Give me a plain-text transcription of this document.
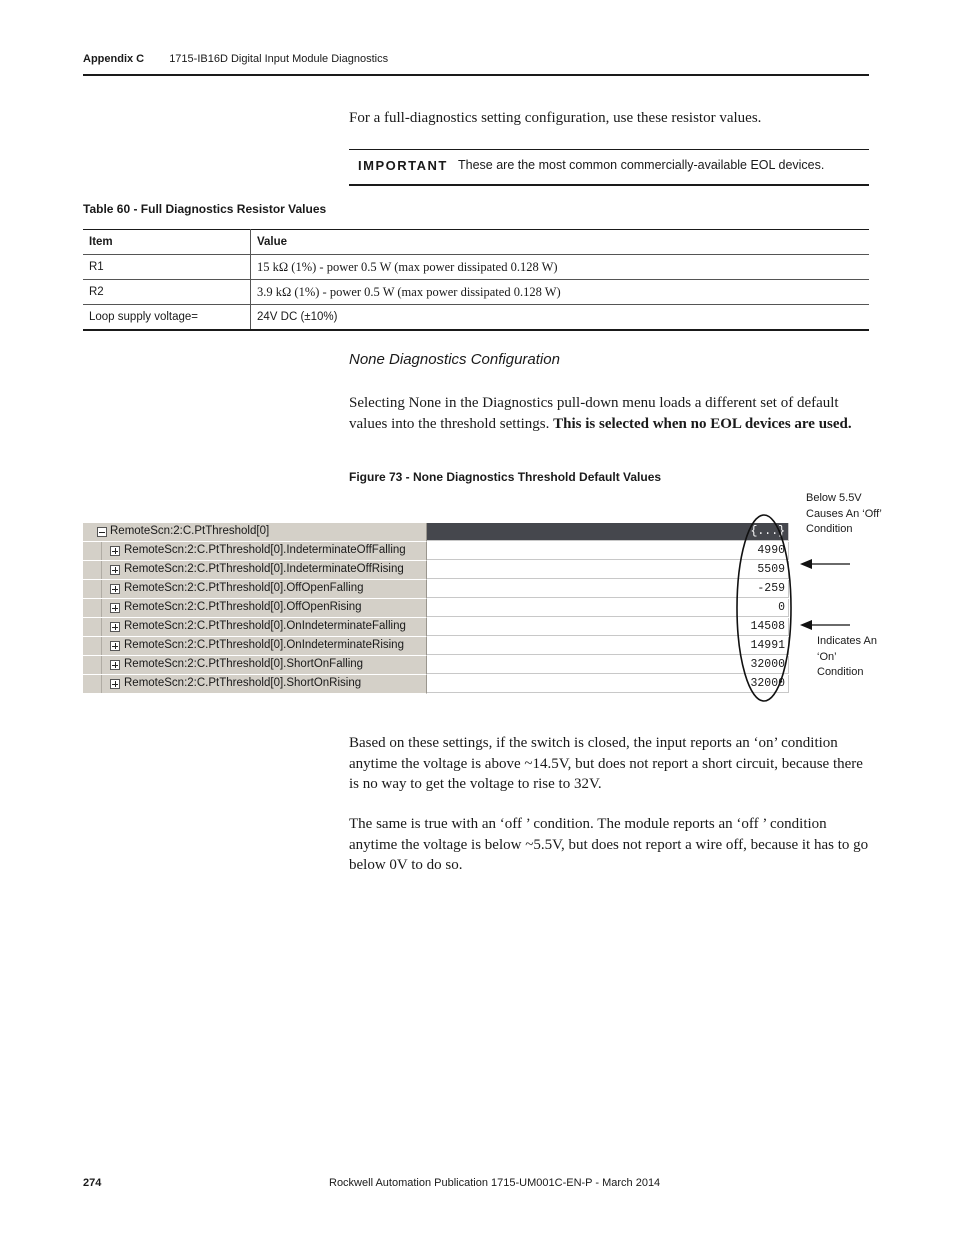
Appendix C 1715-IB16D Digital Input Module Diagnostics
For a full-diagnostics setting configuration, use these resistor values.
IMPORTANT These are the most common commercially-available EOL devices.
Table 60 - Full Diagnostics Resistor Values
Item	Value
R1	15 kΩ (1%) - power 0.5 W (max power dissipated 0.128 W)
R2	3.9 kΩ (1%) - power 0.5 W (max power dissipated 0.128 W)
Loop supply voltage=	24V DC (±10%)
None Diagnostics Configuration
Selecting None in the Diagnostics pull-down menu loads a different set of default values into the threshold settings. This is selected when no EOL devices are used.
Figure 73 - None Diagnostics Threshold Default Values
RemoteScn:2:C.PtThreshold[0]	{...}
RemoteScn:2:C.PtThreshold[0].IndeterminateOffFalling	4990
RemoteScn:2:C.PtThreshold[0].IndeterminateOffRising	5509
RemoteScn:2:C.PtThreshold[0].OffOpenFalling	-259
RemoteScn:2:C.PtThreshold[0].OffOpenRising	0
RemoteScn:2:C.PtThreshold[0].OnIndeterminateFalling	14508
RemoteScn:2:C.PtThreshold[0].OnIndeterminateRising	14991
RemoteScn:2:C.PtThreshold[0].ShortOnFalling	32000
RemoteScn:2:C.PtThreshold[0].ShortOnRising	32000
Below 5.5V
Causes An ‘Off’
Condition
Indicates An
‘On’
Condition
Based on these settings, if the switch is closed, the input reports an ‘on’ condition anytime the voltage is above ~14.5V, but does not report a short circuit, because there is no way to get the voltage to rise to 32V.
The same is true with an ‘off ’ condition. The module reports an ‘off ’ condition anytime the voltage is below ~5.5V, but does not report a wire off, because it has to go below 0V to do so.
274	Rockwell Automation Publication 1715-UM001C-EN-P - March 2014
